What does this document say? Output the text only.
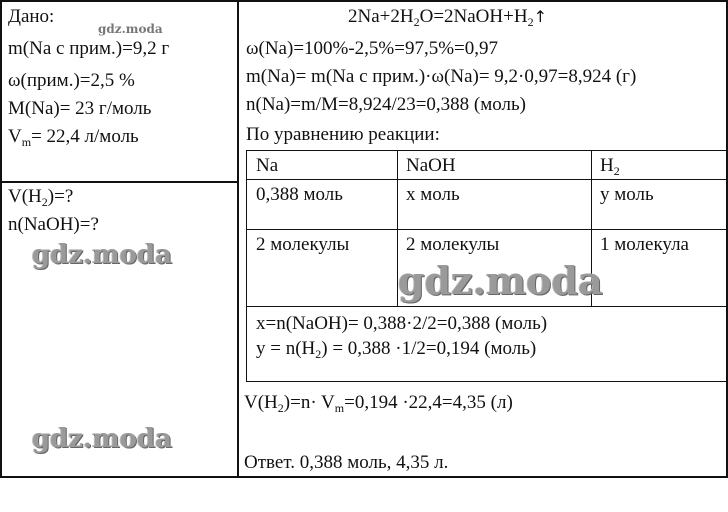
Дано:
gdz.moda
m(Na с прим.)=9,2 г
ω(прим.)=2,5 %
M(Na)= 23 г/моль
$V_m= 22,4$ л/моль
$V(H_2)=$?
n(NaOH)=?
gdz.moda
gdz.moda
$2Na+2H_2O=2NaOH+H_2↑$
ω(Na)=100%-2,5%=97,5%=0,97
m(Na)= m(Na с прим.)·ω(Na)= 9,2·0,97=8,924 (г)
n(Na)=m/M=8,924/23=0,388 (моль)
По уравнению реакции:
Na	NaOH	$H_2$
0,388 моль	x моль	y моль
2 молекулы	2 молекулы	1 молекула
gdz.moda
x=n(NaOH)= 0,388·2/2=0,388 (моль)
$y = n(H_2) = 0,388 \cdot 1/2=0,194$ (моль)
$V(H_2)=n\cdot V_m=0,194 \cdot 22,4=4,35$ (л)
Ответ. 0,388 моль, 4,35 л.
